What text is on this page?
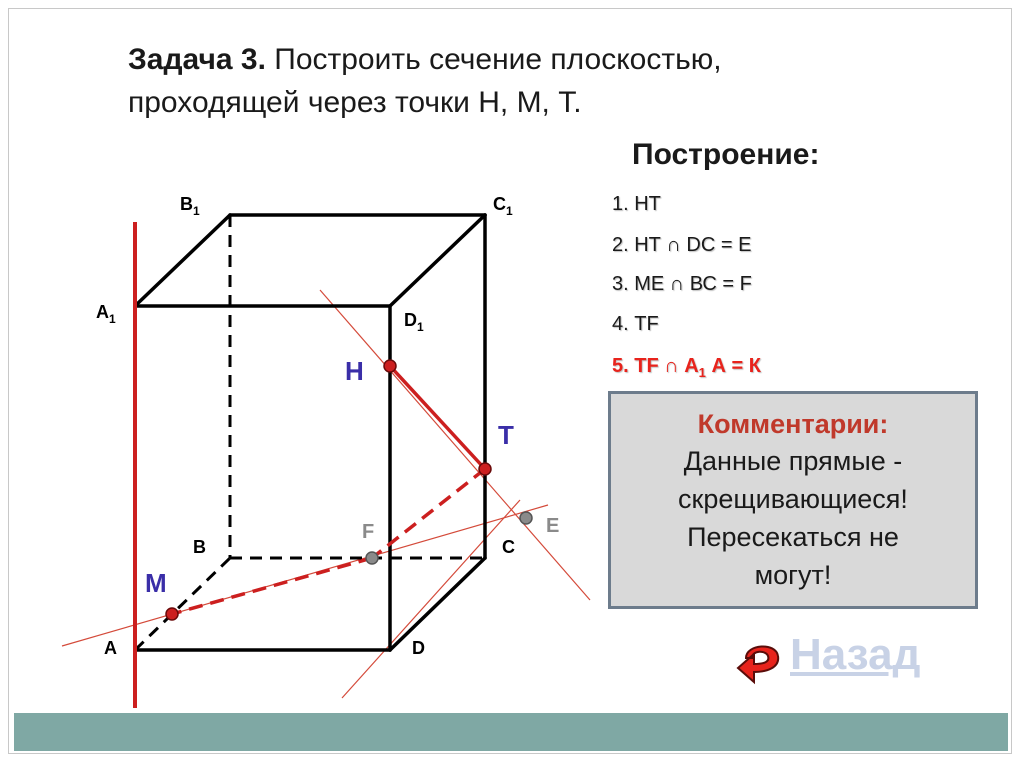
Задача 3. Построить сечение плоскостью,
проходящей через точки Н, М, Т.
Построение:
1. НТ
2. НТ ∩ DC = Е
3. МЕ ∩ ВС = F
4. ТF
5. ТF ∩ $А_1$ А = К
Комментарии:
Данные прямые -
скрещивающиеся!
Пересекаться не
могут!
Назад
$B_1$	$C_1$
$A_1$	$D_1$
B	C
A	D
H
T
M
F	E
